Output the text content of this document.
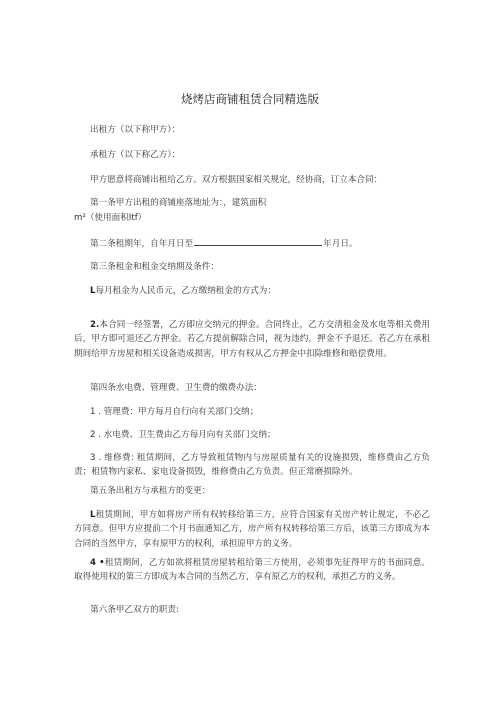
烧烤店商铺租赁合同精选版
出租方（以下称甲方）：
承租方（以下称乙方）：
甲方愿意将商铺出租给乙方。双方根据国家相关规定，经协商，订立本合同：
第一条甲方出租的商铺座落地址为：，建筑面积
m²（使用面积Itf）
第二条租期年，自年月日至	年月日。
第三条租金和租金交纳期及条件：
L每月租金为人民币元，乙方缴纳租金的方式为：
2.本合同一经签署，乙方即应交纳元的押金。合同终止，乙方交清租金及水电等相关费用后，甲方即可退还乙方押金。若乙方提前解除合同，视为违约，押金不予退还。若乙方在承租期间给甲方房屋和相关设备造成损害，甲方有权从乙方押金中扣除维修和赔偿费用。
第四条水电费、管理费、卫生费的缴费办法：
1 . 管理费：甲方每月自行向有关部门交纳；
2 . 水电费、卫生费由乙方每月向有关部门交纳；
3 . 维修费: 租赁期间，乙方导致租赁物内与房屋质量有关的设施损毁，维修费由乙方负责；租赁物内家私、家电设备损毁，维修费由乙方负责。但正常磨损除外。
第五条出租方与承租方的变更：
L租赁期间，甲方如将房产所有权转移给第三方，应符合国家有关房产转让规定，不必乙方同意。但甲方应提前二个月书面通知乙方，房产所有权转移给第三方后，该第三方即成为本合同的当然甲方，享有原甲方的权利，承担原甲方的义务。
4 •租赁期间，乙方如欲将租赁房屋转租给第三方使用，必须事先征得甲方的书面同意。取得使用权的第三方即成为本合同的当然乙方，享有原乙方的权利，承担乙方的义务。
第六条甲乙双方的职责:
